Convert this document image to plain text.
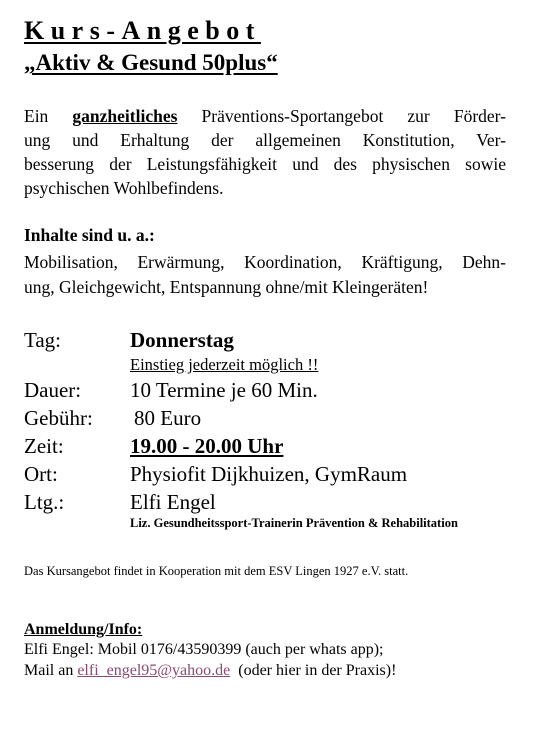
Kurs-Angebot
„Aktiv & Gesund 50plus“
Ein ganzheitliches Präventions-Sportangebot zur Förder-
ung und Erhaltung der allgemeinen Konstitution, Ver-
besserung der Leistungsfähigkeit und des physischen sowie
psychischen Wohlbefindens.
Inhalte sind u. a.:
Mobilisation, Erwärmung, Koordination, Kräftigung, Dehn-
ung, Gleichgewicht, Entspannung ohne/mit Kleingeräten!
Tag:	Donnerstag
Einstieg jederzeit möglich !!
Dauer: 10 Termine je 60 Min.
Gebühr: 80 Euro
Zeit:	19.00 - 20.00 Uhr
Ort:	Physiofit Dijkhuizen, GymRaum
Ltg.:	Elfi Engel
Liz. Gesundheitssport-Trainerin Prävention & Rehabilitation
Das Kursangebot findet in Kooperation mit dem ESV Lingen 1927 e.V. statt.
Anmeldung/Info:
Elfi Engel: Mobil 0176/43590399 (auch per whats app);
Mail an elfi_engel95@yahoo.de  (oder hier in der Praxis)!
